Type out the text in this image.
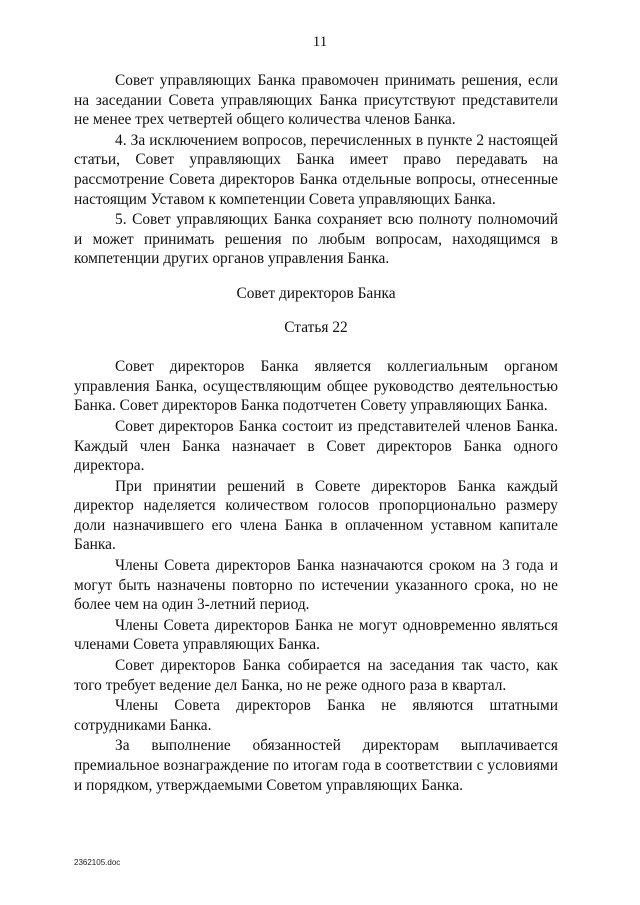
11

Совет управляющих Банка правомочен принимать решения, если на заседании Совета управляющих Банка присутствуют представители не менее трех четвертей общего количества членов Банка.

4. За исключением вопросов, перечисленных в пункте 2 настоящей статьи, Совет управляющих Банка имеет право передавать на рассмотрение Совета директоров Банка отдельные вопросы, отнесенные настоящим Уставом к компетенции Совета управляющих Банка.

5. Совет управляющих Банка сохраняет всю полноту полномочий и может принимать решения по любым вопросам, находящимся в компетенции других органов управления Банка.

Совет директоров Банка

Статья 22

Совет директоров Банка является коллегиальным органом управления Банка, осуществляющим общее руководство деятельностью Банка. Совет директоров Банка подотчетен Совету управляющих Банка.

Совет директоров Банка состоит из представителей членов Банка. Каждый член Банка назначает в Совет директоров Банка одного директора.

При принятии решений в Совете директоров Банка каждый директор наделяется количеством голосов пропорционально размеру доли назначившего его члена Банка в оплаченном уставном капитале Банка.

Члены Совета директоров Банка назначаются сроком на 3 года и могут быть назначены повторно по истечении указанного срока, но не более чем на один 3-летний период.

Члены Совета директоров Банка не могут одновременно являться членами Совета управляющих Банка.

Совет директоров Банка собирается на заседания так часто, как того требует ведение дел Банка, но не реже одного раза в квартал.

Члены Совета директоров Банка не являются штатными сотрудниками Банка.

За выполнение обязанностей директорам выплачивается премиальное вознаграждение по итогам года в соответствии с условиями и порядком, утверждаемыми Советом управляющих Банка.

2362105.doc
